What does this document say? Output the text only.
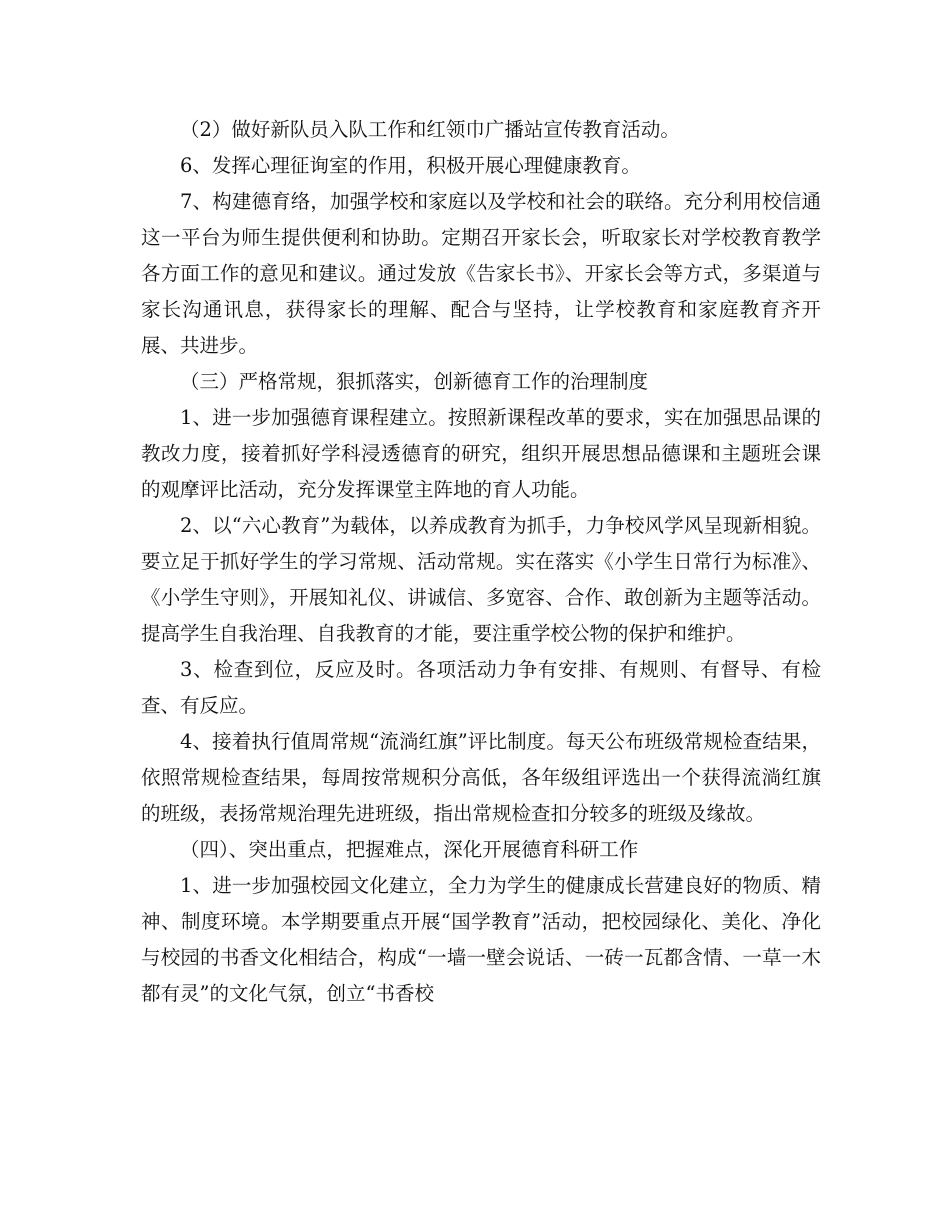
（2）做好新队员入队工作和红领巾广播站宣传教育活动。

6、发挥心理征询室的作用，积极开展心理健康教育。

7、构建德育络，加强学校和家庭以及学校和社会的联络。充分利用校信通这一平台为师生提供便利和协助。定期召开家长会，听取家长对学校教育教学各方面工作的意见和建议。通过发放《告家长书》、开家长会等方式，多渠道与家长沟通讯息，获得家长的理解、配合与坚持，让学校教育和家庭教育齐开展、共进步。

（三）严格常规，狠抓落实，创新德育工作的治理制度

1、进一步加强德育课程建立。按照新课程改革的要求，实在加强思品课的教改力度，接着抓好学科浸透德育的研究，组织开展思想品德课和主题班会课的观摩评比活动，充分发挥课堂主阵地的育人功能。

2、以“六心教育”为载体，以养成教育为抓手，力争校风学风呈现新相貌。要立足于抓好学生的学习常规、活动常规。实在落实《小学生日常行为标准》、《小学生守则》，开展知礼仪、讲诚信、多宽容、合作、敢创新为主题等活动。提高学生自我治理、自我教育的才能，要注重学校公物的保护和维护。

3、检查到位，反应及时。各项活动力争有安排、有规则、有督导、有检查、有反应。

4、接着执行值周常规“流淌红旗”评比制度。每天公布班级常规检查结果，依照常规检查结果，每周按常规积分高低，各年级组评选出一个获得流淌红旗的班级，表扬常规治理先进班级，指出常规检查扣分较多的班级及缘故。

（四）、突出重点，把握难点，深化开展德育科研工作

1、进一步加强校园文化建立，全力为学生的健康成长营建良好的物质、精神、制度环境。本学期要重点开展“国学教育”活动，把校园绿化、美化、净化与校园的书香文化相结合，构成“一墙一壁会说话、一砖一瓦都含情、一草一木都有灵”的文化气氛，创立“书香校
